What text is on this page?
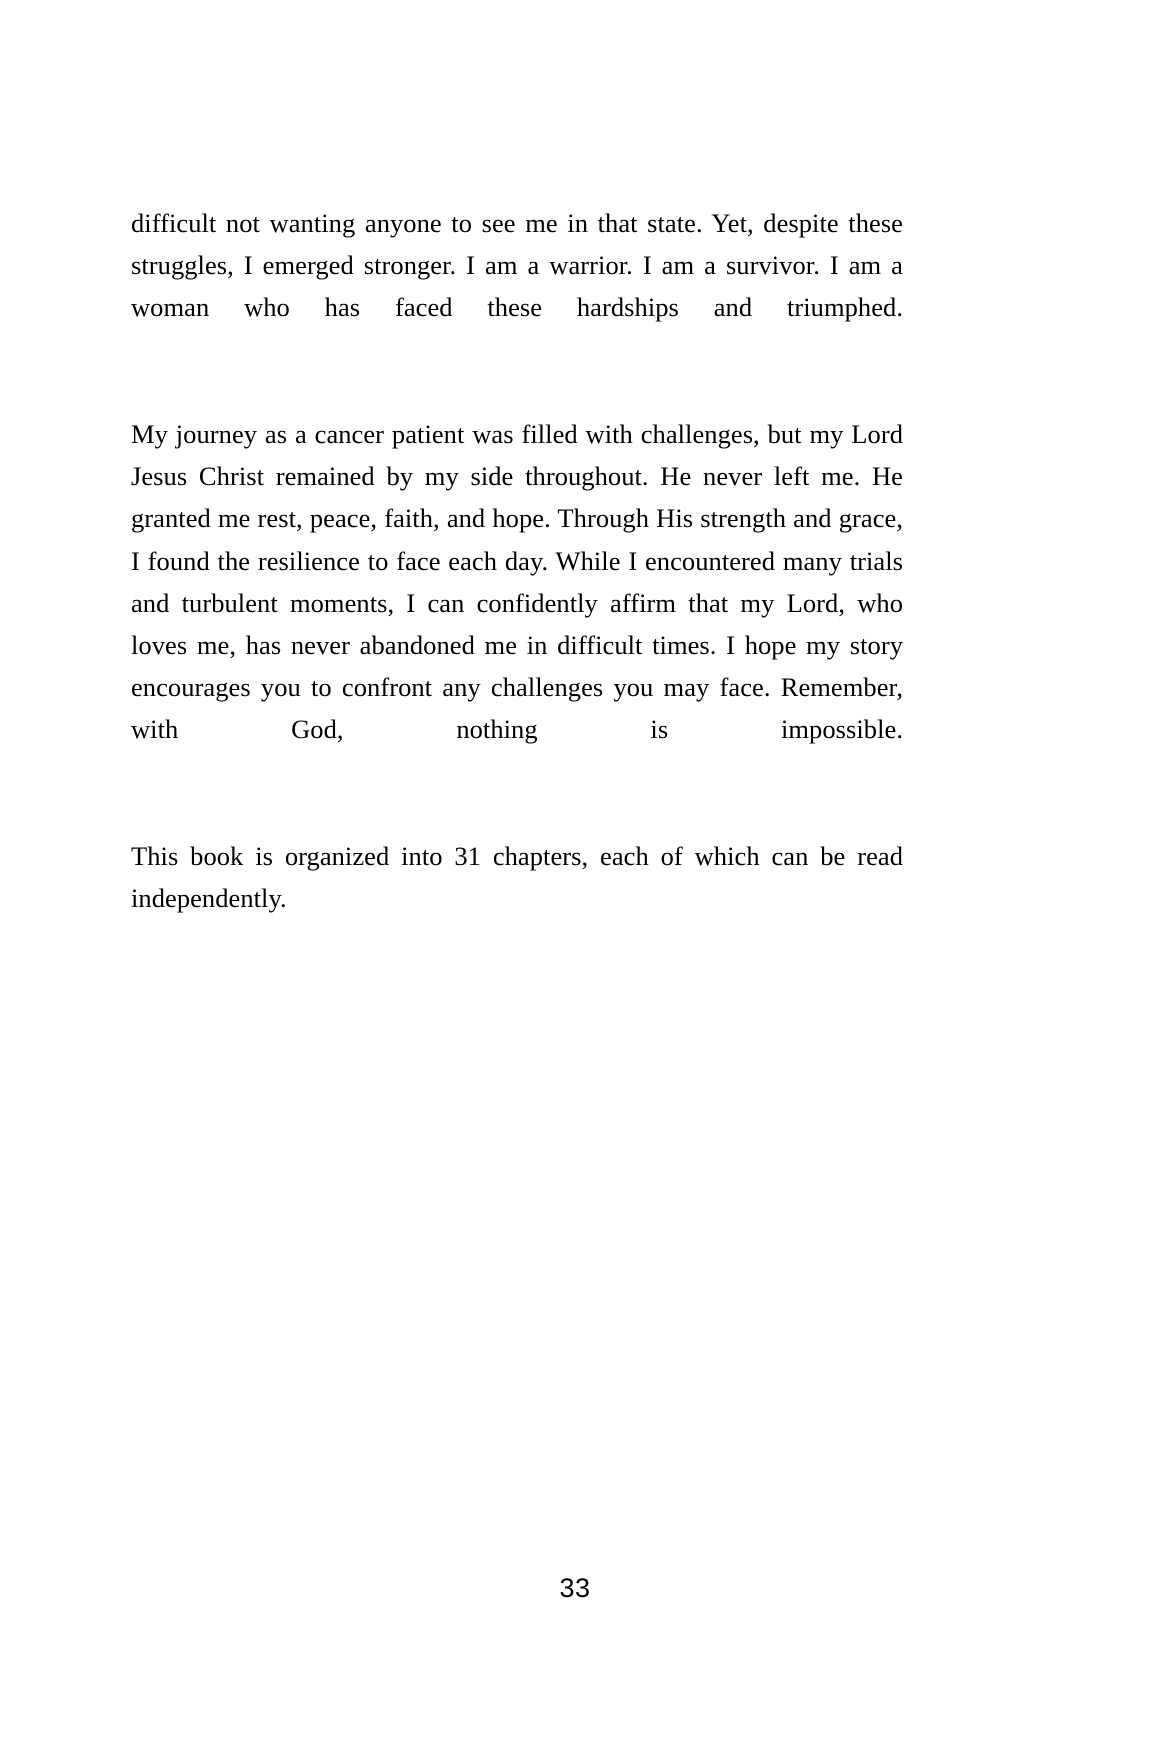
difficult not wanting anyone to see me in that state. Yet, despite these struggles, I emerged stronger. I am a warrior. I am a survivor. I am a woman who has faced these hardships and triumphed.

My journey as a cancer patient was filled with challenges, but my Lord Jesus Christ remained by my side throughout. He never left me. He granted me rest, peace, faith, and hope. Through His strength and grace, I found the resilience to face each day. While I encountered many trials and turbulent moments, I can confidently affirm that my Lord, who loves me, has never abandoned me in difficult times. I hope my story encourages you to confront any challenges you may face. Remember, with God, nothing is impossible.

This book is organized into 31 chapters, each of which can be read independently.

33
